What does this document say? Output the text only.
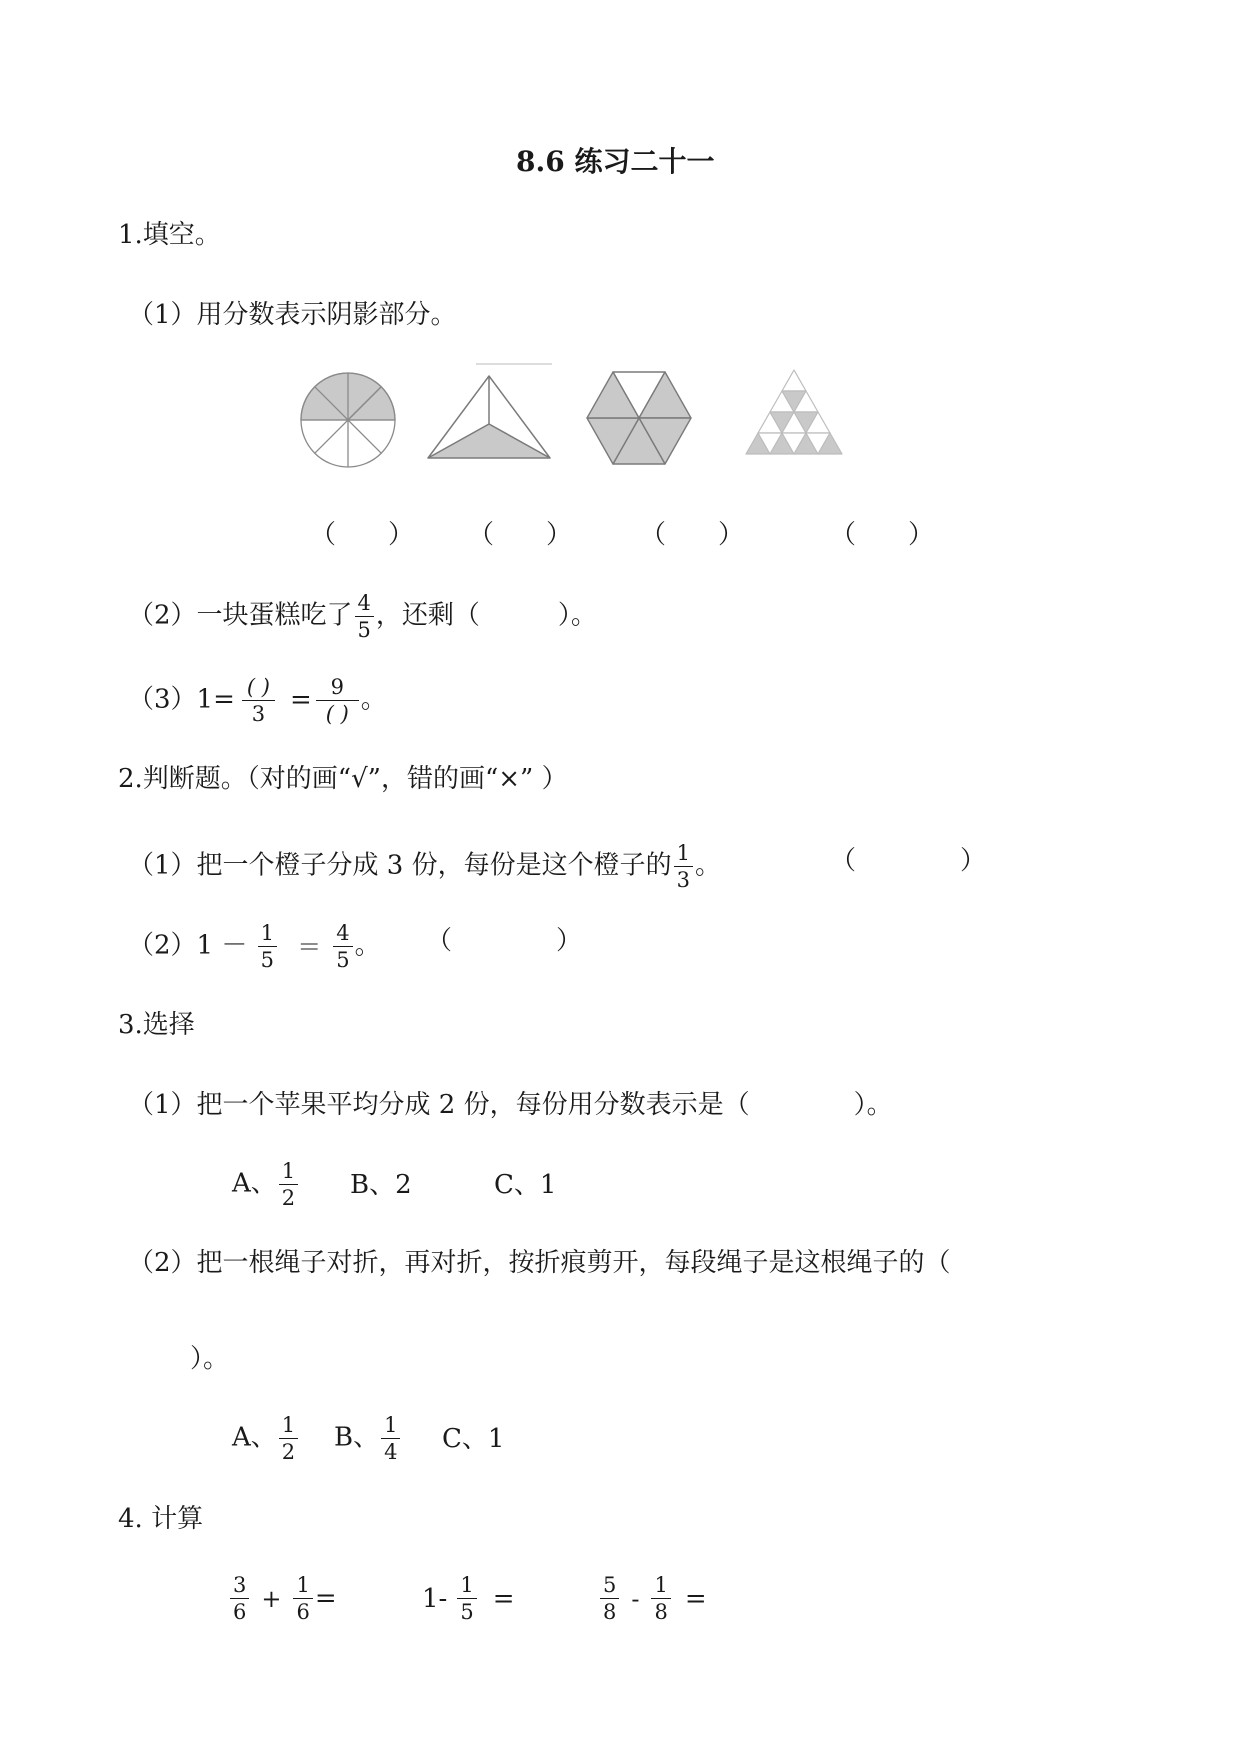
8.6 练习二十一
1.填空。
（1）用分数表示阴影部分。
（　　） （　　）	（　　）	（　　）
（2）一块蛋糕吃了 $\frac{4}{5}$ ，还剩（　　　）。
$(3)1= \frac{( )}{3} = \frac{9}{( )}$ 。
2.判断题。（对的画“√”，错的画“×” ）
（1）把一个橙子分成 3 份，每份是这个橙子的 $\frac{1}{3}$ 。	（　　　　）
$(2)1 - \frac{1}{5} = \frac{4}{5}$ 。 （　　　　）
3.选择
（1）把一个苹果平均分成 2 份，每份用分数表示是（　　　　）。
A、 $\frac{1}{2}$ B、2	C、1
（2）把一根绳子对折，再对折，按折痕剪开，每段绳子是这根绳子的（
）。
A、 $\frac{1}{2}$ B、 $\frac{1}{4}$ C、1
4. 计算
$\frac{3}{6} + \frac{1}{6}$ =	$1- \frac{1}{5}$ =	$\frac{5}{8} - \frac{1}{8}$ =
